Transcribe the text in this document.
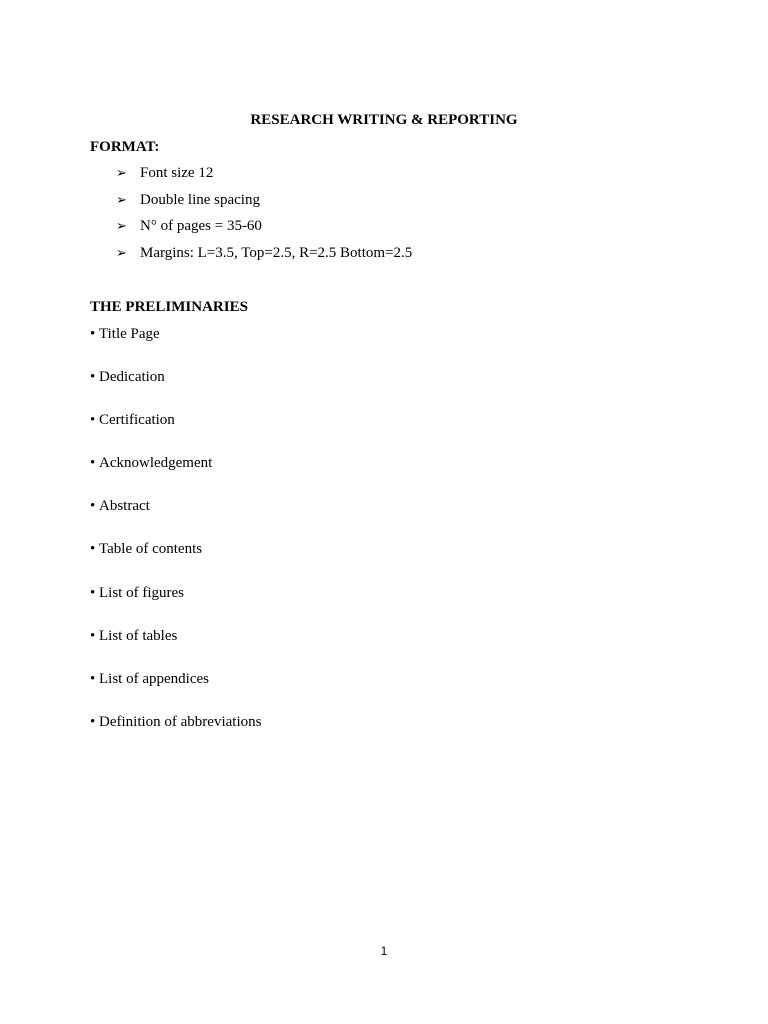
RESEARCH WRITING & REPORTING
FORMAT:
➢ Font size 12
➢ Double line spacing
➢ N° of pages = 35-60
➢ Margins: L=3.5, Top=2.5, R=2.5 Bottom=2.5
THE PRELIMINARIES
• Title Page
• Dedication
• Certification
• Acknowledgement
• Abstract
• Table of contents
• List of figures
• List of tables
• List of appendices
• Definition of abbreviations
1
